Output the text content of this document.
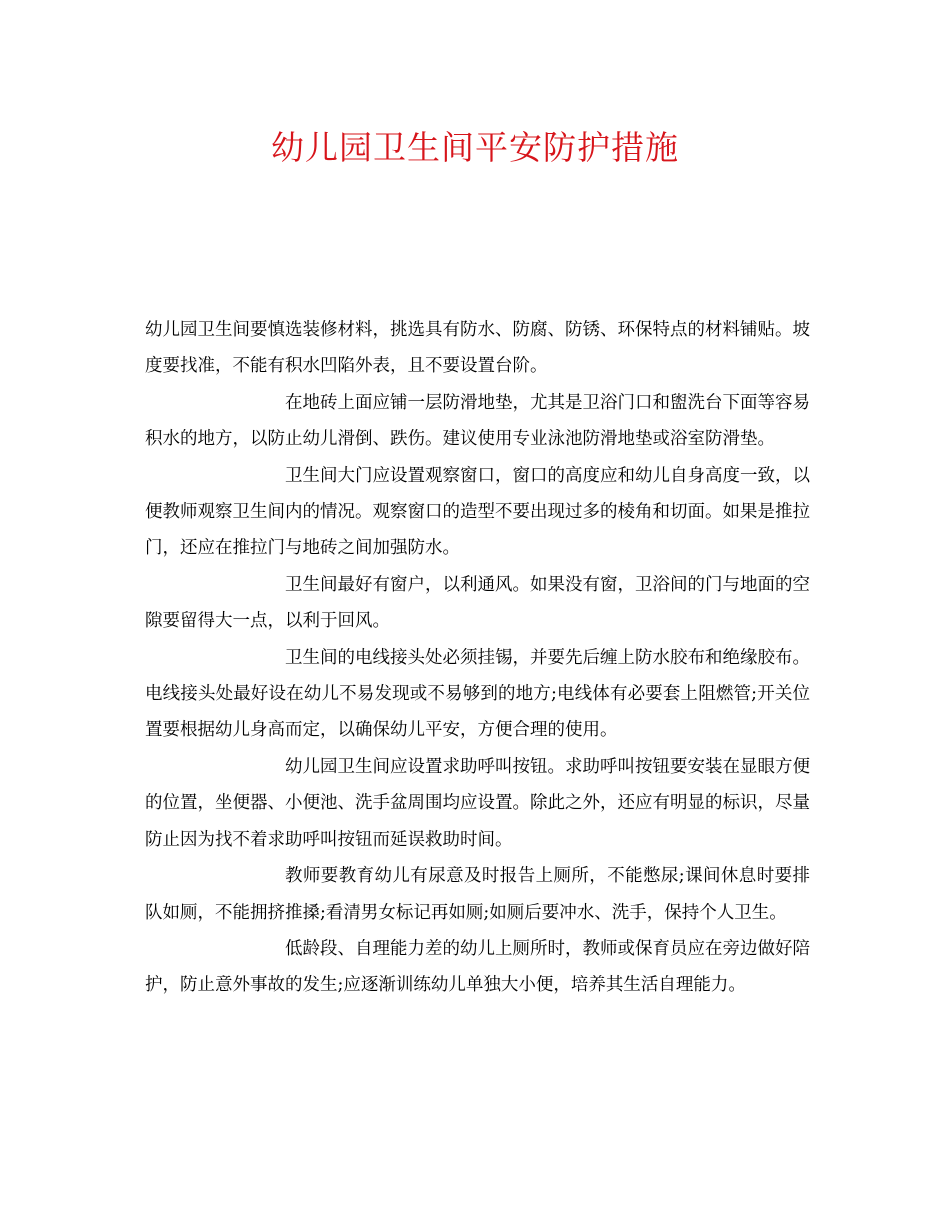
幼儿园卫生间平安防护措施

幼儿园卫生间要慎选装修材料，挑选具有防水、防腐、防锈、环保特点的材料铺贴。坡度要找准，不能有积水凹陷外表，且不要设置台阶。

在地砖上面应铺一层防滑地垫，尤其是卫浴门口和盥洗台下面等容易积水的地方，以防止幼儿滑倒、跌伤。建议使用专业泳池防滑地垫或浴室防滑垫。

卫生间大门应设置观察窗口，窗口的高度应和幼儿自身高度一致，以便教师观察卫生间内的情况。观察窗口的造型不要出现过多的棱角和切面。如果是推拉门，还应在推拉门与地砖之间加强防水。

卫生间最好有窗户，以利通风。如果没有窗，卫浴间的门与地面的空隙要留得大一点，以利于回风。

卫生间的电线接头处必须挂锡，并要先后缠上防水胶布和绝缘胶布。电线接头处最好设在幼儿不易发现或不易够到的地方;电线体有必要套上阻燃管;开关位置要根据幼儿身高而定，以确保幼儿平安，方便合理的使用。

幼儿园卫生间应设置求助呼叫按钮。求助呼叫按钮要安装在显眼方便的位置，坐便器、小便池、洗手盆周围均应设置。除此之外，还应有明显的标识，尽量防止因为找不着求助呼叫按钮而延误救助时间。

教师要教育幼儿有尿意及时报告上厕所，不能憋尿;课间休息时要排队如厕，不能拥挤推搡;看清男女标记再如厕;如厕后要冲水、洗手，保持个人卫生。

低龄段、自理能力差的幼儿上厕所时，教师或保育员应在旁边做好陪护，防止意外事故的发生;应逐渐训练幼儿单独大小便，培养其生活自理能力。
